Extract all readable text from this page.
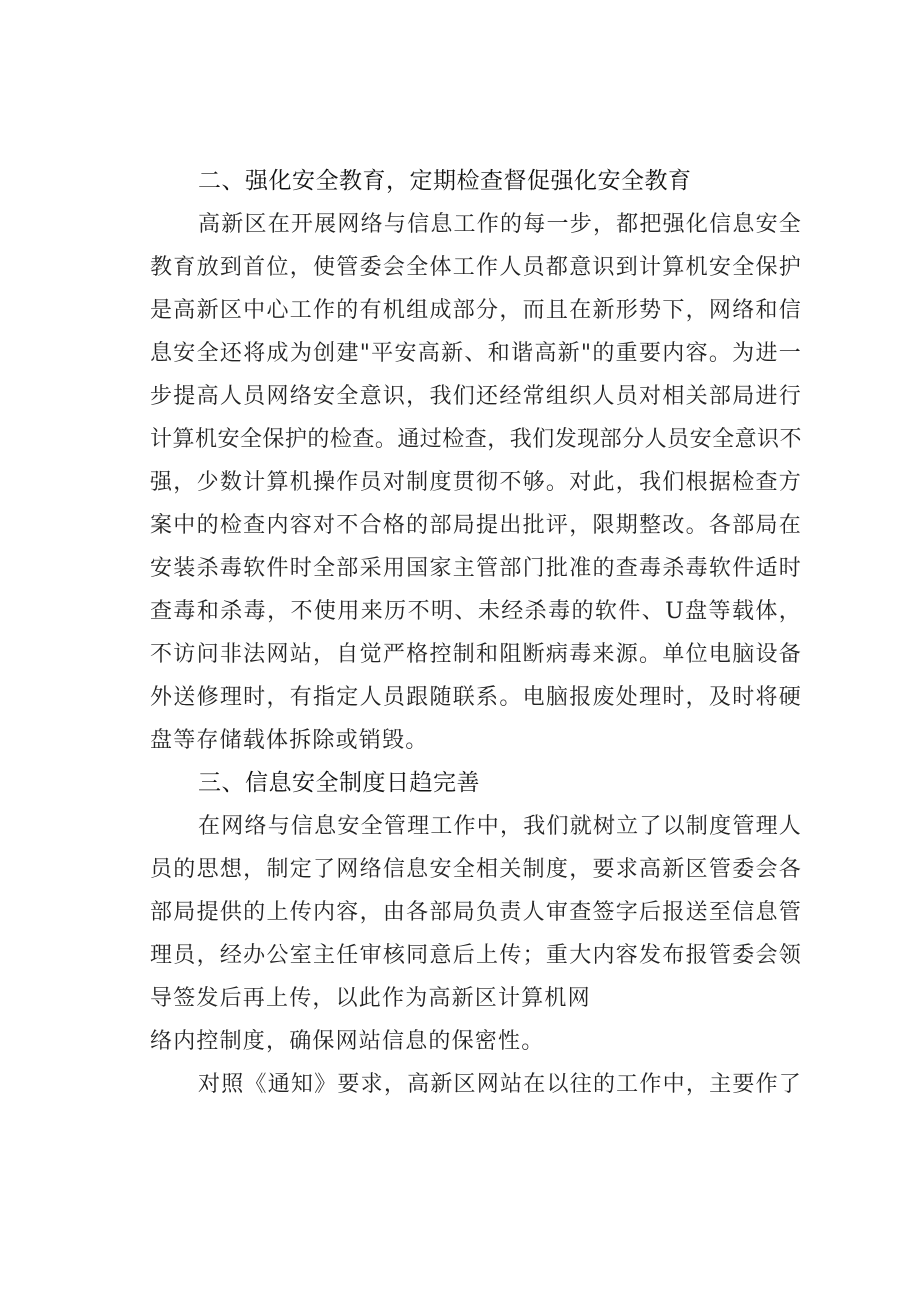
二、强化安全教育，定期检查督促强化安全教育
高新区在开展网络与信息工作的每一步，都把强化信息安全
教育放到首位，使管委会全体工作人员都意识到计算机安全保护
是高新区中心工作的有机组成部分，而且在新形势下，网络和信
息安全还将成为创建"平安高新、和谐高新"的重要内容。为进一
步提高人员网络安全意识，我们还经常组织人员对相关部局进行
计算机安全保护的检查。通过检查，我们发现部分人员安全意识不
强，少数计算机操作员对制度贯彻不够。对此，我们根据检查方
案中的检查内容对不合格的部局提出批评，限期整改。各部局在
安装杀毒软件时全部采用国家主管部门批准的查毒杀毒软件适时
查毒和杀毒，不使用来历不明、未经杀毒的软件、U盘等载体，
不访问非法网站，自觉严格控制和阻断病毒来源。单位电脑设备
外送修理时，有指定人员跟随联系。电脑报废处理时，及时将硬
盘等存储载体拆除或销毁。
三、信息安全制度日趋完善
在网络与信息安全管理工作中，我们就树立了以制度管理人
员的思想，制定了网络信息安全相关制度，要求高新区管委会各
部局提供的上传内容，由各部局负责人审查签字后报送至信息管
理员，经办公室主任审核同意后上传；重大内容发布报管委会领
导签发后再上传，以此作为高新区计算机网
络内控制度，确保网站信息的保密性。
对照《通知》要求，高新区网站在以往的工作中，主要作了
